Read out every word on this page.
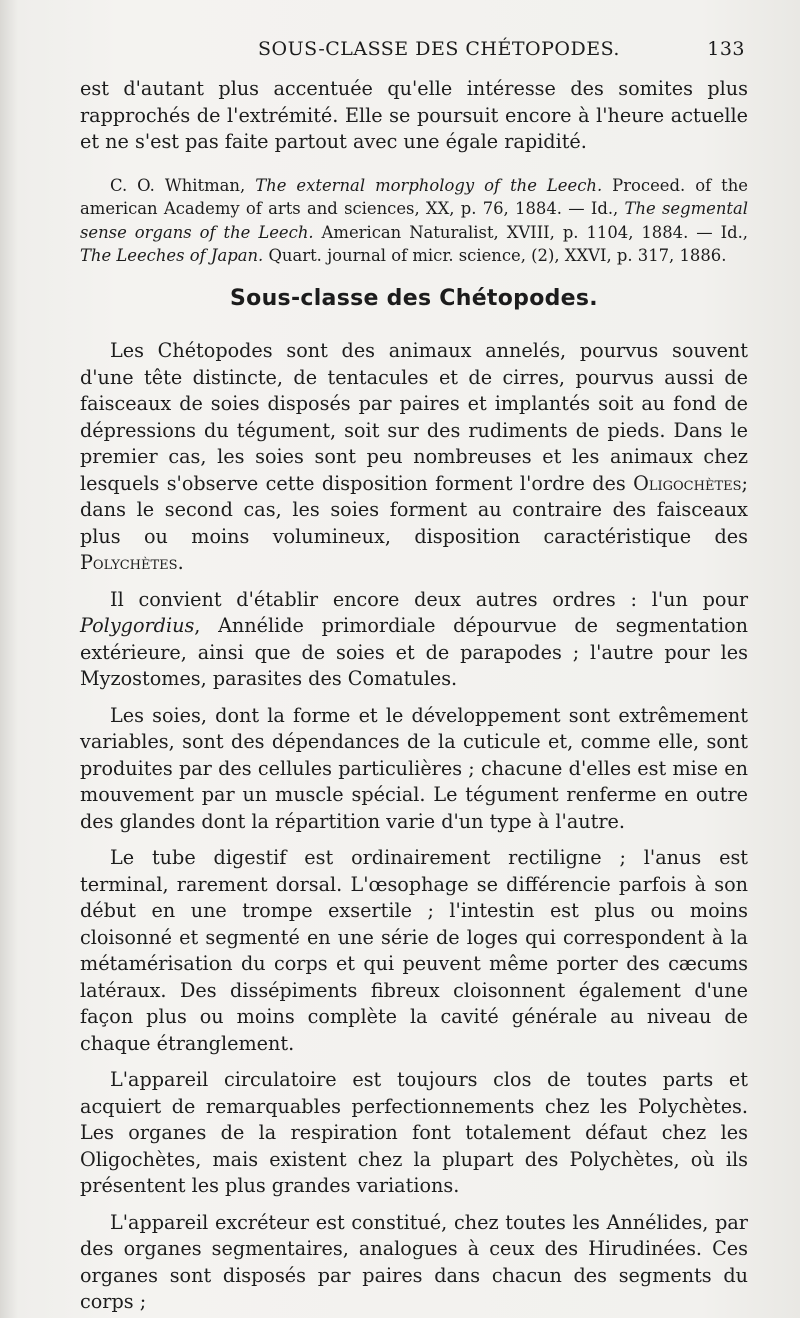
SOUS-CLASSE DES CHÉTOPODES.	133

est d'autant plus accentuée qu'elle intéresse des somites plus rapprochés de l'extrémité. Elle se poursuit encore à l'heure actuelle et ne s'est pas faite partout avec une égale rapidité.

C. O. Whitman, The external morphology of the Leech. Proceed. of the american Academy of arts and sciences, XX, p. 76, 1884. — Id., The segmental sense organs of the Leech. American Naturalist, XVIII, p. 1104, 1884. — Id., The Leeches of Japan. Quart. journal of micr. science, (2), XXVI, p. 317, 1886.

Sous-classe des Chétopodes.

Les Chétopodes sont des animaux annelés, pourvus souvent d'une tête distincte, de tentacules et de cirres, pourvus aussi de faisceaux de soies disposés par paires et implantés soit au fond de dépressions du tégument, soit sur des rudiments de pieds. Dans le premier cas, les soies sont peu nombreuses et les animaux chez lesquels s'observe cette disposition forment l'ordre des Oligochètes; dans le second cas, les soies forment au contraire des faisceaux plus ou moins volumineux, disposition caractéristique des Polychètes.

Il convient d'établir encore deux autres ordres : l'un pour Polygordius, Annélide primordiale dépourvue de segmentation extérieure, ainsi que de soies et de parapodes ; l'autre pour les Myzostomes, parasites des Comatules.

Les soies, dont la forme et le développement sont extrêmement variables, sont des dépendances de la cuticule et, comme elle, sont produites par des cellules particulières ; chacune d'elles est mise en mouvement par un muscle spécial. Le tégument renferme en outre des glandes dont la répartition varie d'un type à l'autre.

Le tube digestif est ordinairement rectiligne ; l'anus est terminal, rarement dorsal. L'œsophage se différencie parfois à son début en une trompe exsertile ; l'intestin est plus ou moins cloisonné et segmenté en une série de loges qui correspondent à la métamérisation du corps et qui peuvent même porter des cæcums latéraux. Des dissépiments fibreux cloisonnent également d'une façon plus ou moins complète la cavité générale au niveau de chaque étranglement.

L'appareil circulatoire est toujours clos de toutes parts et acquiert de remarquables perfectionnements chez les Polychètes. Les organes de la respiration font totalement défaut chez les Oligochètes, mais existent chez la plupart des Polychètes, où ils présentent les plus grandes variations.

L'appareil excréteur est constitué, chez toutes les Annélides, par des organes segmentaires, analogues à ceux des Hirudinées. Ces organes sont disposés par paires dans chacun des segments du corps ;
